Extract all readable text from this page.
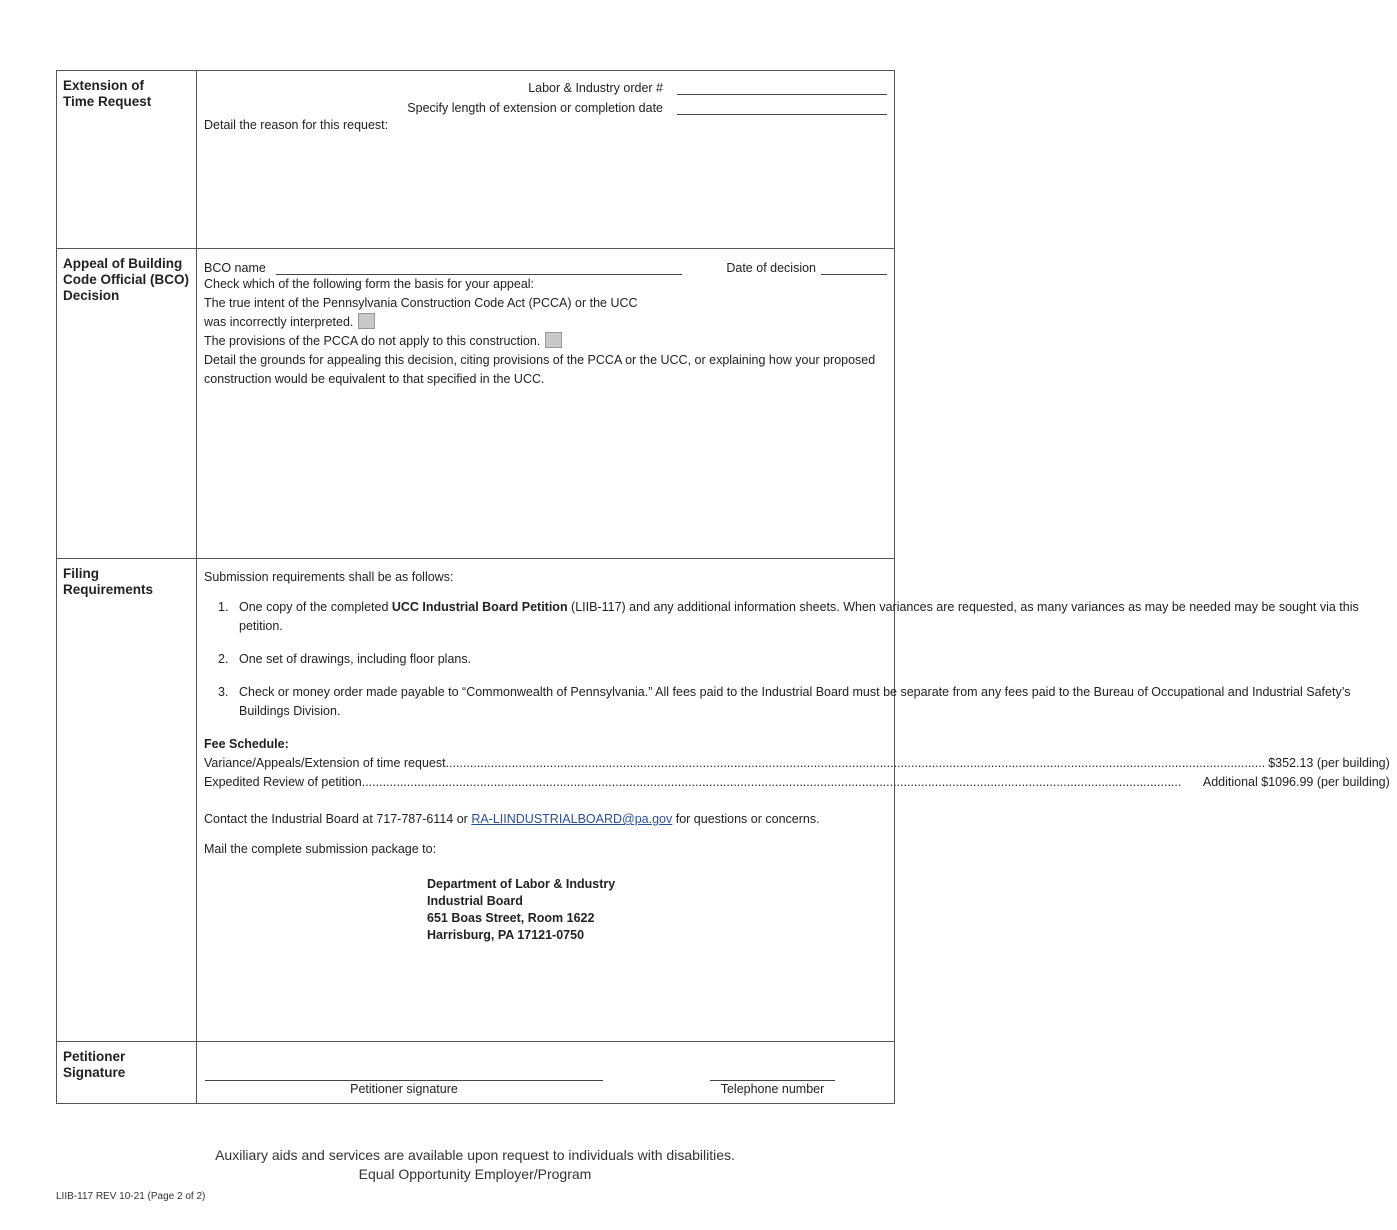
Extension of
Time Request
Labor & Industry order #
Specify length of extension or completion date
Detail the reason for this request:
Appeal of Building
Code Official (BCO)
Decision
BCO name	Date of decision
Check which of the following form the basis for your appeal:
The true intent of the Pennsylvania Construction Code Act (PCCA) or the UCC
was incorrectly interpreted.
The provisions of the PCCA do not apply to this construction.
Detail the grounds for appealing this decision, citing provisions of the PCCA or the UCC, or explaining how your proposed
construction would be equivalent to that specified in the UCC.
Filing
Requirements
Submission requirements shall be as follows:
1. One copy of the completed UCC Industrial Board Petition (LIIB-117) and any additional information sheets. When variances are requested, as many variances as may be needed may be sought via this petition.
2. One set of drawings, including floor plans.
3. Check or money order made payable to “Commonwealth of Pennsylvania.” All fees paid to the Industrial Board must be separate from any fees paid to the Bureau of Occupational and Industrial Safety’s Buildings Division.
Fee Schedule:
Variance/Appeals/Extension of time request .....	$352.13 (per building)
Expedited Review of petition .....	Additional $1096.99 (per building)
Contact the Industrial Board at 717-787-6114 or RA-LIINDUSTRIALBOARD@pa.gov for questions or concerns.
Mail the complete submission package to:
Department of Labor & Industry
Industrial Board
651 Boas Street, Room 1622
Harrisburg, PA 17121-0750
Petitioner
Signature
Petitioner signature	Telephone number
Auxiliary aids and services are available upon request to individuals with disabilities.
Equal Opportunity Employer/Program
LIIB-117 REV 10-21 (Page 2 of 2)
